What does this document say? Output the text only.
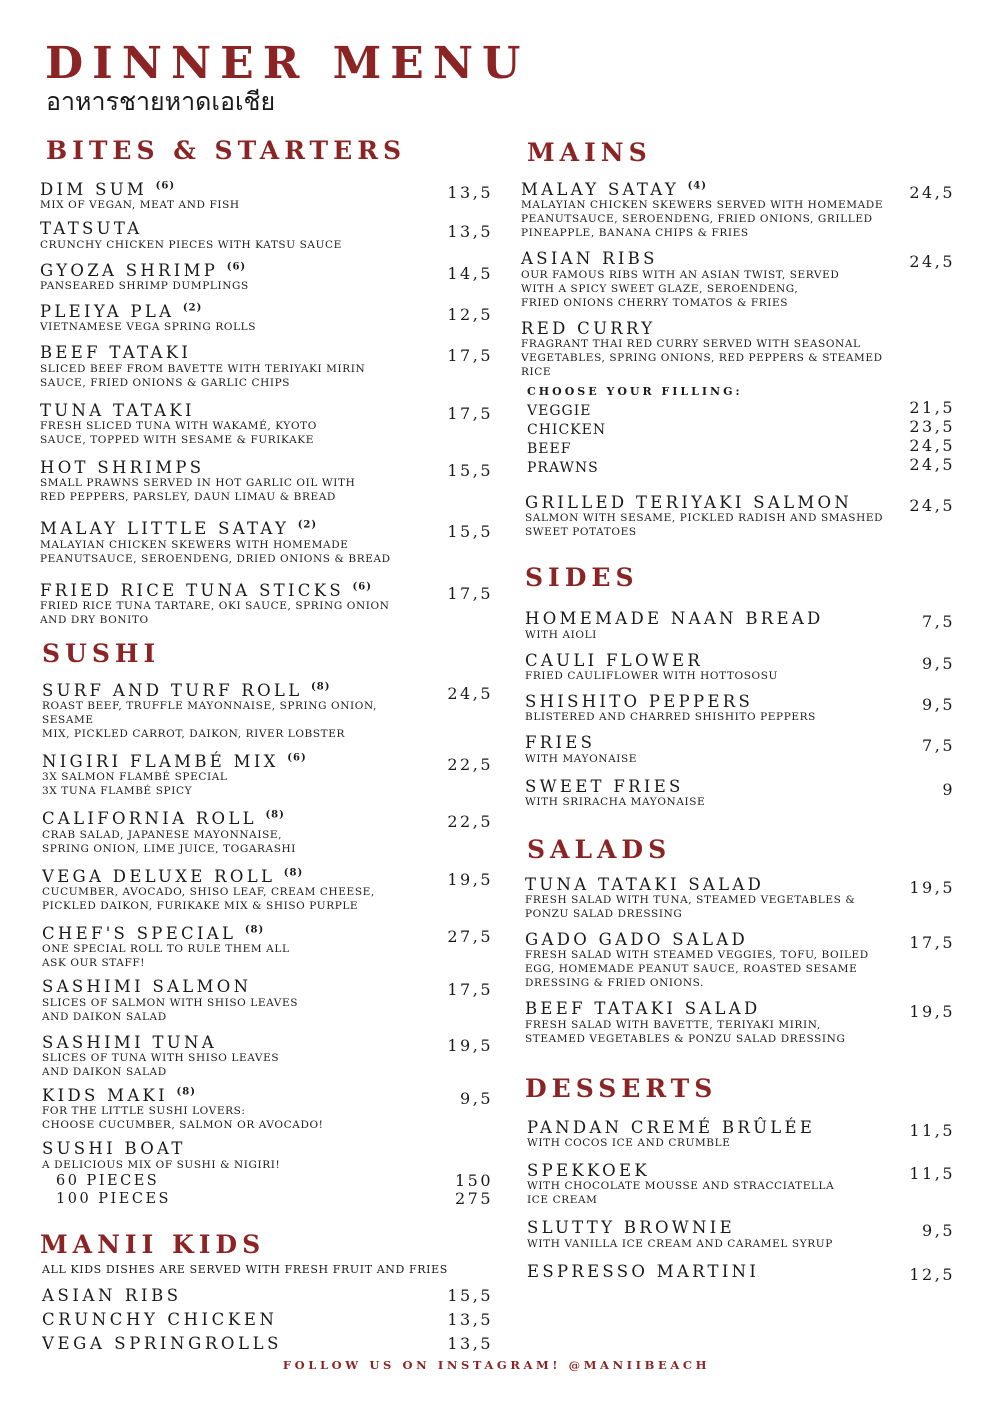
DINNER MENU
อาหารชายหาดเอเชีย
BITES & STARTERS
DIM SUM $^{(6)}$	13,5
MIX OF VEGAN, MEAT AND FISH
TATSUTA	13,5
CRUNCHY CHICKEN PIECES WITH KATSU SAUCE
GYOZA SHRIMP $^{(6)}$	14,5
PANSEARED SHRIMP DUMPLINGS
PLEIYA PLA $^{(2)}$	12,5
VIETNAMESE VEGA SPRING ROLLS
BEEF TATAKI	17,5
SLICED BEEF FROM BAVETTE WITH TERIYAKI MIRIN
SAUCE, FRIED ONIONS & GARLIC CHIPS
TUNA TATAKI	17,5
FRESH SLICED TUNA WITH WAKAMÉ, KYOTO
SAUCE, TOPPED WITH SESAME & FURIKAKE
HOT SHRIMPS	15,5
SMALL PRAWNS SERVED IN HOT GARLIC OIL WITH
RED PEPPERS, PARSLEY, DAUN LIMAU & BREAD
MALAY LITTLE SATAY $^{(2)}$	15,5
MALAYIAN CHICKEN SKEWERS WITH HOMEMADE
PEANUTSAUCE, SEROENDENG, DRIED ONIONS & BREAD
FRIED RICE TUNA STICKS $^{(6)}$	17,5
FRIED RICE TUNA TARTARE, OKI SAUCE, SPRING ONION
AND DRY BONITO
SUSHI
SURF AND TURF ROLL $^{(8)}$	24,5
ROAST BEEF, TRUFFLE MAYONNAISE, SPRING ONION, SESAME
MIX, PICKLED CARROT, DAIKON, RIVER LOBSTER
NIGIRI FLAMBÉ MIX $^{(6)}$	22,5
3X SALMON FLAMBÉ SPECIAL
3X TUNA FLAMBÉ SPICY
CALIFORNIA ROLL $^{(8)}$	22,5
CRAB SALAD, JAPANESE MAYONNAISE,
SPRING ONION, LIME JUICE, TOGARASHI
VEGA DELUXE ROLL $^{(8)}$	19,5
CUCUMBER, AVOCADO, SHISO LEAF, CREAM CHEESE,
PICKLED DAIKON, FURIKAKE MIX & SHISO PURPLE
CHEF'S SPECIAL $^{(8)}$	27,5
ONE SPECIAL ROLL TO RULE THEM ALL
ASK OUR STAFF!
SASHIMI SALMON	17,5
SLICES OF SALMON WITH SHISO LEAVES
AND DAIKON SALAD
SASHIMI TUNA	19,5
SLICES OF TUNA WITH SHISO LEAVES
AND DAIKON SALAD
KIDS MAKI $^{(8)}$	9,5
FOR THE LITTLE SUSHI LOVERS:
CHOOSE CUCUMBER, SALMON OR AVOCADO!
SUSHI BOAT
A DELICIOUS MIX OF SUSHI & NIGIRI!
60 PIECES	150
100 PIECES	275
MANII KIDS
ALL KIDS DISHES ARE SERVED WITH FRESH FRUIT AND FRIES
ASIAN RIBS	15,5
CRUNCHY CHICKEN	13,5
VEGA SPRINGROLLS	13,5
MAINS
MALAY SATAY $^{(4)}$	24,5
MALAYIAN CHICKEN SKEWERS SERVED WITH HOMEMADE
PEANUTSAUCE, SEROENDENG, FRIED ONIONS, GRILLED
PINEAPPLE, BANANA CHIPS & FRIES
ASIAN RIBS	24,5
OUR FAMOUS RIBS WITH AN ASIAN TWIST, SERVED
WITH A SPICY SWEET GLAZE, SEROENDENG,
FRIED ONIONS CHERRY TOMATOS & FRIES
RED CURRY
FRAGRANT THAI RED CURRY SERVED WITH SEASONAL
VEGETABLES, SPRING ONIONS, RED PEPPERS & STEAMED
RICE
CHOOSE YOUR FILLING:
VEGGIE	21,5
CHICKEN	23,5
BEEF	24,5
PRAWNS	24,5
GRILLED TERIYAKI SALMON	24,5
SALMON WITH SESAME, PICKLED RADISH AND SMASHED
SWEET POTATOES
SIDES
HOMEMADE NAAN BREAD	7,5
WITH AIOLI
CAULI FLOWER	9,5
FRIED CAULIFLOWER WITH HOTTOSOSU
SHISHITO PEPPERS	9,5
BLISTERED AND CHARRED SHISHITO PEPPERS
FRIES	7,5
WITH MAYONAISE
SWEET FRIES	9
WITH SRIRACHA MAYONAISE
SALADS
TUNA TATAKI SALAD	19,5
FRESH SALAD WITH TUNA, STEAMED VEGETABLES &
PONZU SALAD DRESSING
GADO GADO SALAD	17,5
FRESH SALAD WITH STEAMED VEGGIES, TOFU, BOILED
EGG, HOMEMADE PEANUT SAUCE, ROASTED SESAME
DRESSING & FRIED ONIONS.
BEEF TATAKI SALAD	19,5
FRESH SALAD WITH BAVETTE, TERIYAKI MIRIN,
STEAMED VEGETABLES & PONZU SALAD DRESSING
DESSERTS
PANDAN CREMÉ BRÛLÉE	11,5
WITH COCOS ICE AND CRUMBLE
SPEKKOEK	11,5
WITH CHOCOLATE MOUSSE AND STRACCIATELLA
ICE CREAM
SLUTTY BROWNIE	9,5
WITH VANILLA ICE CREAM AND CARAMEL SYRUP
ESPRESSO MARTINI	12,5
FOLLOW US ON INSTAGRAM! @MANIIBEACH
